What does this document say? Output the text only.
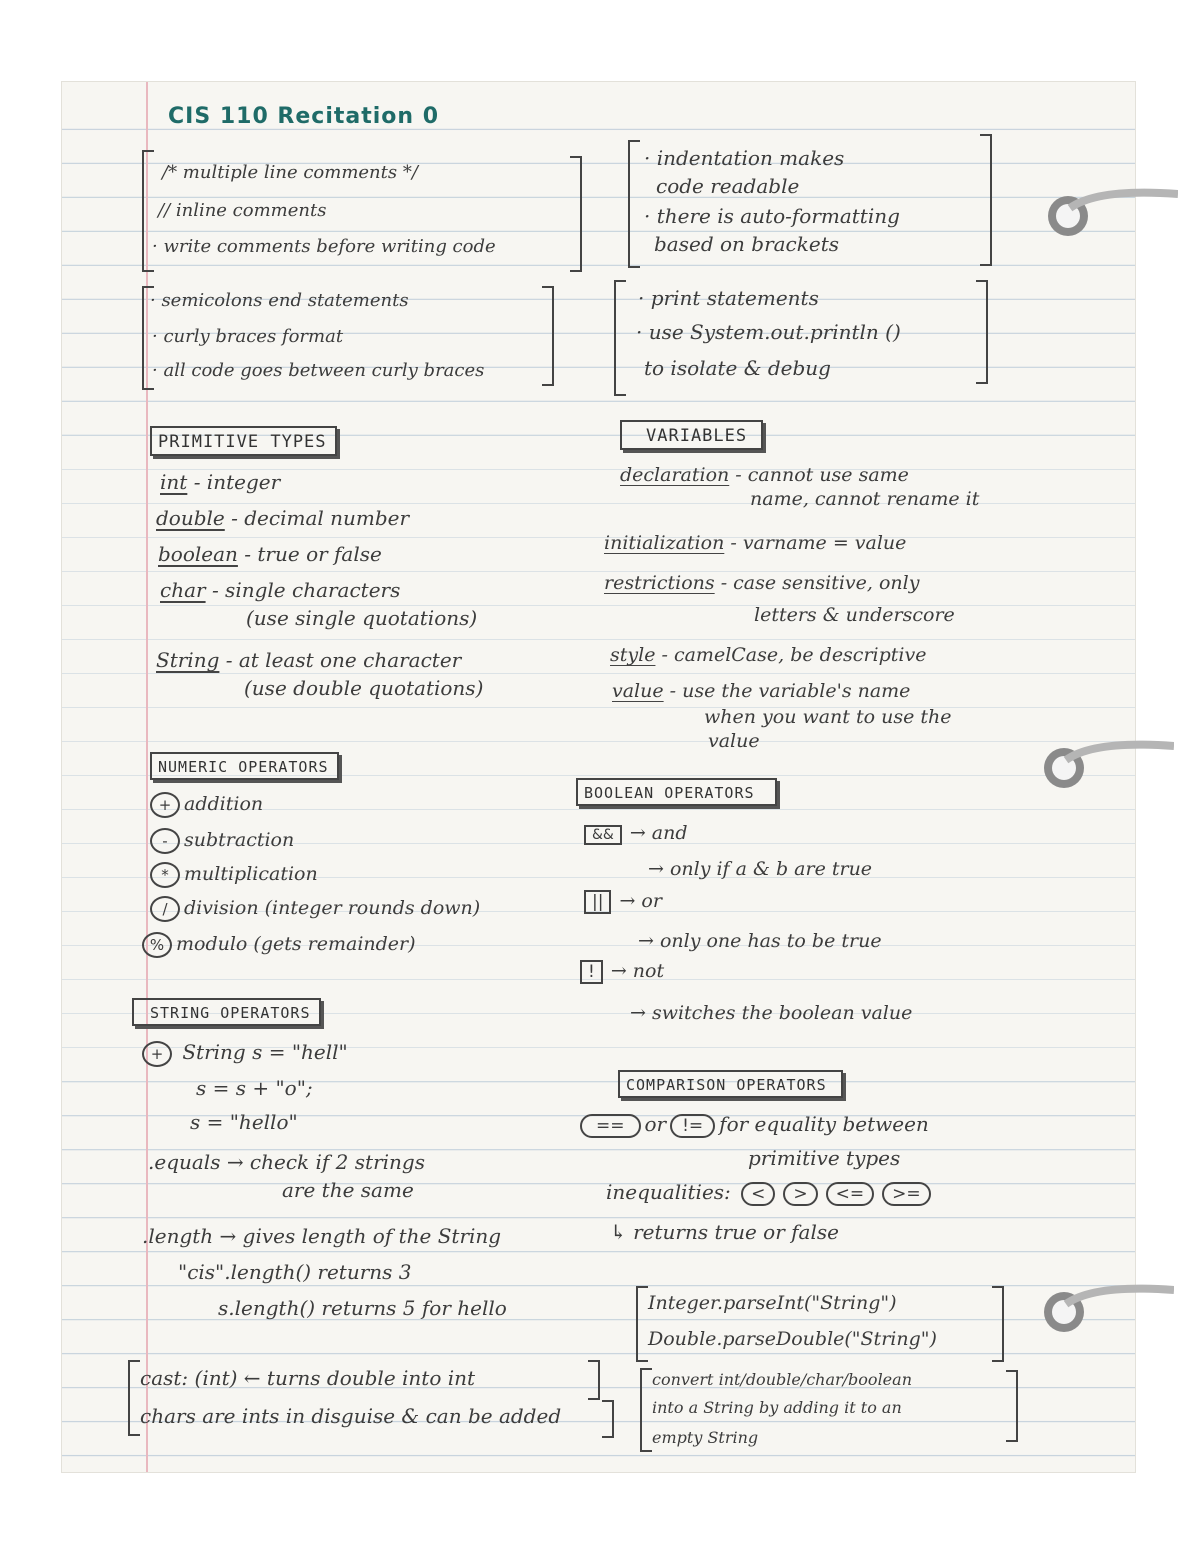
CIS 110 Recitation 0
/* multiple line comments */
// inline comments
· write comments before writing code
· semicolons end statements
· curly braces format
· all code goes between curly braces
· indentation makes
code readable
· there is auto-formatting
based on brackets
· print statements
· use System.out.println ()
to isolate & debug
PRIMITIVE TYPES
int - integer
double - decimal number
boolean - true or false
char - single characters
(use single quotations)
String - at least one character
(use double quotations)
VARIABLES
declaration - cannot use same
name, cannot rename it
initialization - varname = value
restrictions - case sensitive, only
letters & underscore
style - camelCase, be descriptive
value - use the variable's name
when you want to use the
value
NUMERIC OPERATORS
+ addition
- subtraction
* multiplication
/ division (integer rounds down)
% modulo (gets remainder)
BOOLEAN OPERATORS
&& → and
→ only if a & b are true
|| → or
→ only one has to be true
! → not
→ switches the boolean value
STRING OPERATORS
+ String s = "hell"
s = s + "o";
s = "hello"
.equals → check if 2 strings
are the same
.length → gives length of the String
"cis".length() returns 3
s.length() returns 5 for hello
COMPARISON OPERATORS
== or != for equality between
primitive types
inequalities: < > <= >=
↳ returns true or false
cast: (int) ← turns double into int
chars are ints in disguise & can be added
Integer.parseInt("String")
Double.parseDouble("String")
convert int/double/char/boolean
into a String by adding it to an
empty String
